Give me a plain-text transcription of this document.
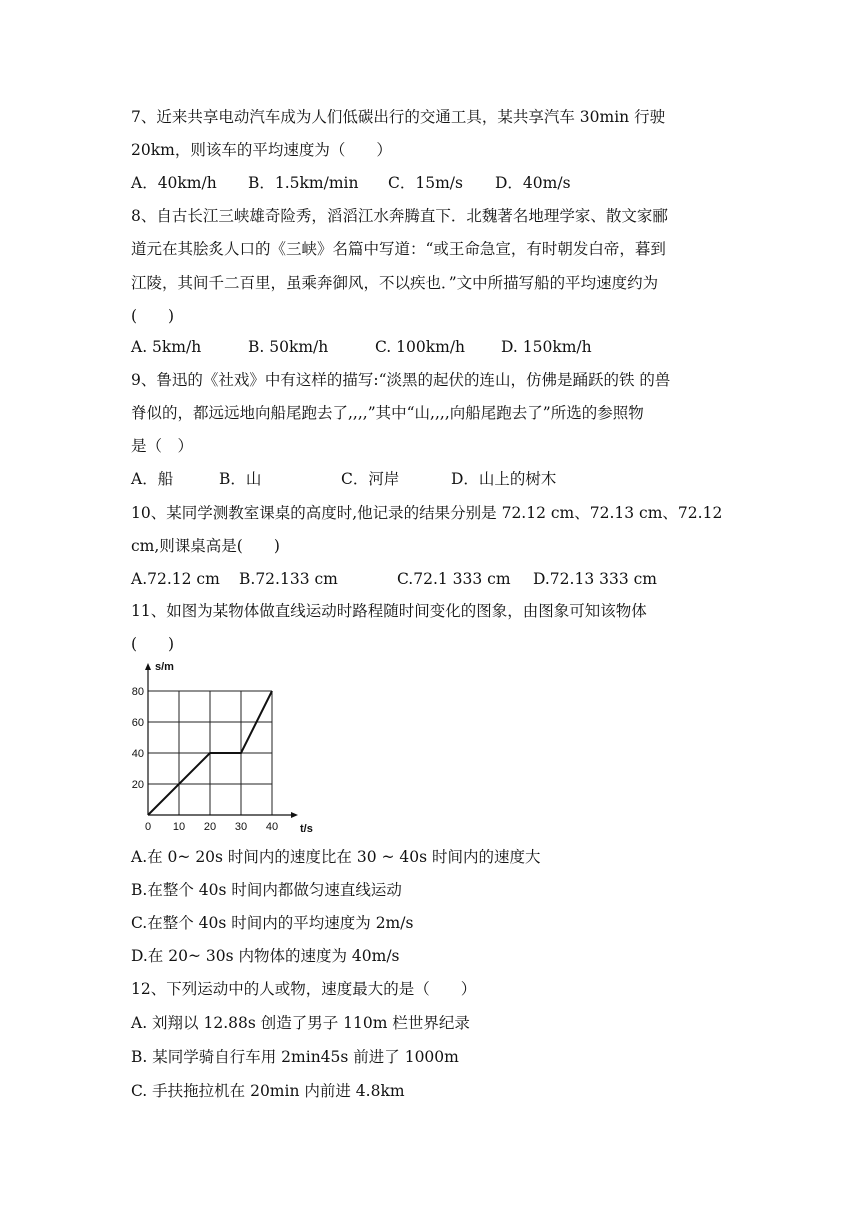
7、近来共享电动汽车成为人们低碳出行的交通工具，某共享汽车 30min 行驶
20km，则该车的平均速度为（　　）
A．40km/h B．1.5km/min C．15m/s D．40m/s
8、自古长江三峡雄奇险秀，滔滔江水奔腾直下．北魏著名地理学家、散文家郦
道元在其脍炙人口的《三峡》名篇中写道：“或王命急宣，有时朝发白帝，暮到
江陵，其间千二百里，虽乘奔御风，不以疾也．”文中所描写船的平均速度约为
(　　)
A. 5km/h	B. 50km/h	C. 100km/h D. 150km/h
9、鲁迅的《社戏》中有这样的描写:“淡黑的起伏的连山，仿佛是踊跃的铁 的兽
脊似的，都远远地向船尾跑去了,,,,”其中“山,,,,向船尾跑去了”所选的参照物
是（　）
A．船	B．山	C．河岸	D．山上的树木
10、某同学测教室课桌的高度时,他记录的结果分别是 72.12 cm、72.13 cm、72.12
cm,则课桌高是(　　)
A.72.12 cm B.72.133 cm	C.72.1 333 cm D.72.13 333 cm
11、如图为某物体做直线运动时路程随时间变化的图象，由图象可知该物体
(　　)
s/m
t/s
20
40
60
80
0 10 20 30 40
A.在 0~ 20s 时间内的速度比在 30 ~ 40s 时间内的速度大
B.在整个 40s 时间内都做匀速直线运动
C.在整个 40s 时间内的平均速度为 2m/s
D.在 20~ 30s 内物体的速度为 40m/s
12、下列运动中的人或物，速度最大的是（　　）
A. 刘翔以 12.88s 创造了男子 110m 栏世界纪录
B. 某同学骑自行车用 2min45s 前进了 1000m
C. 手扶拖拉机在 20min 内前进 4.8km
